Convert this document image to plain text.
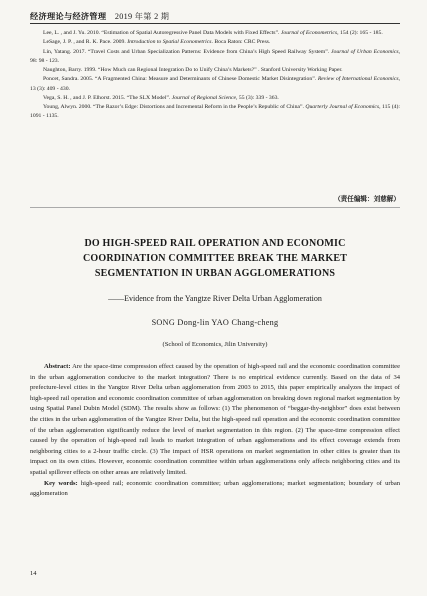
经济理论与经济管理 2019 年第 2 期

Lee, L. , and J. Yu. 2010. “Estimation of Spatial Autoregressive Panel Data Models with Fixed Effects”. Journal of Econometrics, 154 (2): 165 - 185.

LeSage, J. P. , and R. K. Pace. 2009. Introduction to Spatial Econometrics. Boca Raton: CRC Press.

Lin, Yatang. 2017. “Travel Costs and Urban Specialization Patterns: Evidence from China’s High Speed Railway System”. Journal of Urban Economics, 98: 98 - 123.

Naughton, Barry. 1999. “How Much can Regional Integration Do to Unify China’s Markets?” . Stanford University Working Paper.

Poncet, Sandra. 2005. “A Fragmented China: Measure and Determinants of Chinese Domestic Market Disintegration”. Review of International Economics, 13 (3): 409 - 430.

Vega, S. H. , and J. P. Elhorst. 2015. “The SLX Model”. Journal of Regional Science, 55 (3): 339 - 363.

Young, Alwyn. 2000. “The Razor’s Edge: Distortions and Incremental Reform in the People’s Republic of China”. Quarterly Journal of Economics, 115 (4): 1091 - 1135.

（责任编辑：刘慈解）
DO HIGH-SPEED RAIL OPERATION AND ECONOMIC
COORDINATION COMMITTEE BREAK THE MARKET
SEGMENTATION IN URBAN AGGLOMERATIONS
——Evidence from the Yangtze River Delta Urban Agglomeration
SONG Dong-lin YAO Chang-cheng
(School of Economics, Jilin University)

Abstract: Are the space-time compression effect caused by the operation of high-speed rail and the economic coordination committee in the urban agglomeration conducive to the market integration? There is no empirical evidence currently. Based on the data of 34 prefecture-level cities in the Yangtze River Delta urban agglomeration from 2003 to 2015, this paper empirically analyzes the impact of high-speed rail operation and economic coordination committee of urban agglomeration on breaking down regional market segmentation by using Spatial Panel Dubin Model (SDM). The results show as follows: (1) The phenomenon of “beggar-thy-neighbor” does exist between the cities in the urban agglomeration of the Yangtze River Delta, but the high-speed rail operation and the economic coordination committee of the urban agglomeration significantly reduce the level of market segmentation in this region. (2) The space-time compression effect caused by the operation of high-speed rail leads to market integration of urban agglomerations and its effect coverage extends from neighboring cities to a 2-hour traffic circle. (3) The impact of HSR operations on market segmentation in other cities is greater than its impact on its own cities. However, economic coordination committee within urban agglomerations only affects neighboring cities and its spatial spillover effects on other areas are relatively limited.

Key words: high-speed rail; economic coordination committee; urban agglomerations; market segmentation; boundary of urban agglomeration

14
